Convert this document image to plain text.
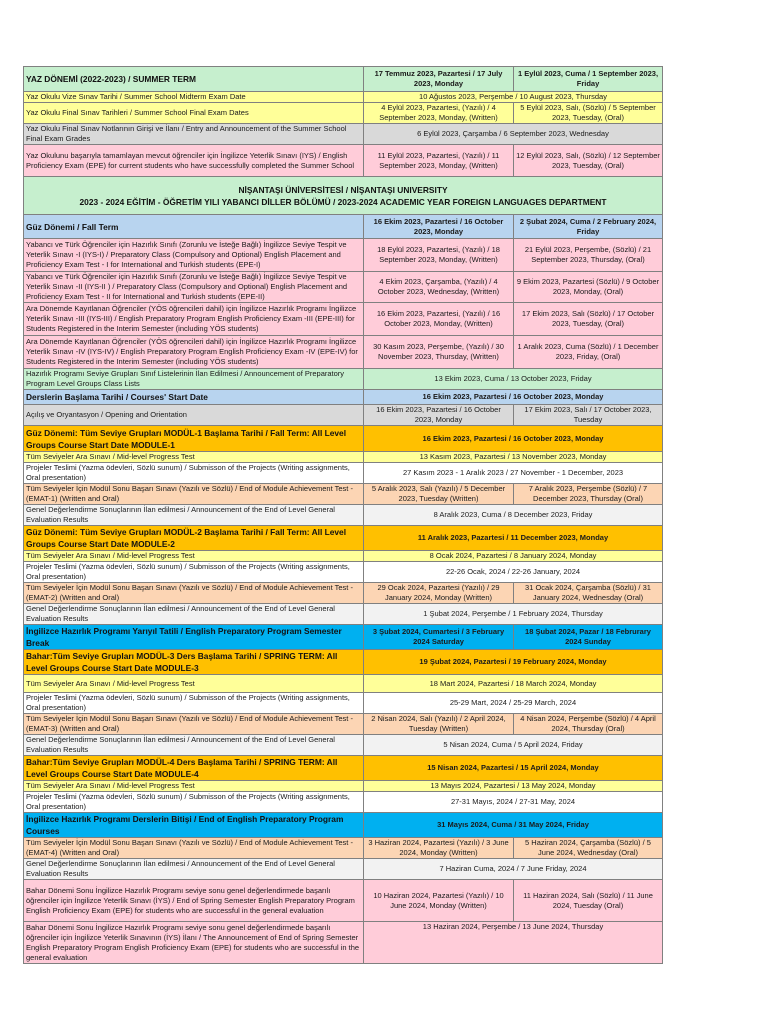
YAZ DÖNEMİ (2022-2023) / SUMMER TERM	17 Temmuz 2023, Pazartesi / 17 July 2023, Monday	1 Eylül 2023, Cuma / 1 September 2023, Friday
Yaz Okulu Vize Sınav Tarihi / Summer School Midterm Exam Date	10 Ağustos 2023, Perşembe / 10 August 2023, Thursday	
Yaz Okulu Final Sınav Tarihleri / Summer School Final Exam Dates	4 Eylül 2023, Pazartesi, (Yazılı) / 4 September 2023, Monday, (Written)	5 Eylül 2023, Salı, (Sözlü) / 5 September 2023, Tuesday, (Oral)
Yaz Okulu Final Sınav Notlarının Girişi ve İlanı / Entry and Announcement of the Summer School Final Exam Grades	6 Eylül 2023, Çarşamba / 6 September 2023, Wednesday	
Yaz Okulunu başarıyla tamamlayan mevcut öğrenciler için İngilizce Yeterlik Sınavı (IYS) / English Proficiency Exam (EPE) for current students who have successfully completed the Summer School	11 Eylül 2023, Pazartesi, (Yazılı) / 11 September 2023, Monday, (Written)	12 Eylül 2023, Salı, (Sözlü) / 12 September 2023, Tuesday, (Oral)

NİŞANTAŞI ÜNİVERSİTESİ / NİŞANTAŞI UNIVERSITY
2023 - 2024 EĞİTİM - ÖĞRETİM YILI YABANCI DİLLER BÖLÜMÜ / 2023-2024 ACADEMIC YEAR FOREIGN LANGUAGES DEPARTMENT		

Güz Dönemi / Fall Term	16 Ekim 2023, Pazartesi / 16 October 2023, Monday	2 Şubat 2024, Cuma / 2 February 2024, Friday
Yabancı ve Türk Öğrenciler için Hazırlık Sınıfı (Zorunlu ve İsteğe Bağlı) İngilizce Seviye Tespit ve Yeterlik Sınavı -I (IYS-I) / Preparatory Class (Compulsory and Optional) English Placement and Proficiency Exam Test - I for International and Turkish students (EPE-I)	18 Eylül 2023, Pazartesi, (Yazılı) / 18 September 2023, Monday, (Written)	21 Eylül 2023, Perşembe, (Sözlü) / 21 September 2023, Thursday, (Oral)
Yabancı ve Türk Öğrenciler için Hazırlık Sınıfı (Zorunlu ve İsteğe Bağlı) İngilizce Seviye Tespit ve Yeterlik Sınavı -II (IYS-II ) / Preparatory Class (Compulsory and Optional) English Placement and Proficiency Exam Test - II for International and Turkish students (EPE-II)	4 Ekim 2023, Çarşamba, (Yazılı) / 4 October 2023, Wednesday, (Written)	9 Ekim 2023, Pazartesi (Sözlü) / 9 October 2023, Monday, (Oral)
Ara Dönemde Kayıtlanan Öğrenciler (YÖS öğrencileri dahil) için İngilizce Hazırlık Programı İngilizce Yeterlik Sınavı -III (IYS-III) / English Preparatory Program English Proficiency Exam -III (EPE-III) for Students Registered in the Interim Semester (including YÖS students)	16 Ekim 2023, Pazartesi, (Yazılı) / 16 October 2023, Monday, (Written)	17 Ekim 2023, Salı (Sözlü) / 17 October 2023, Tuesday, (Oral)
Ara Dönemde Kayıtlanan Öğrenciler (YÖS öğrencileri dahil) için İngilizce Hazırlık Programı İngilizce Yeterlik Sınavı -IV (IYS-IV) / English Preparatory Program English Proficiency Exam -IV (EPE-IV) for Students Registered in the Interim Semester (including YÖS students)	30 Kasım 2023, Perşembe, (Yazılı) / 30 November 2023, Thursday, (Written)	1 Aralık 2023, Cuma (Sözlü) / 1 December 2023, Friday, (Oral)
Hazırlık Programı Seviye Grupları Sınıf Listelerinin İlan Edilmesi / Announcement of Preparatory Program Level Groups Class Lists	13 Ekim 2023, Cuma / 13 October 2023, Friday	
Derslerin Başlama Tarihi / Courses' Start Date	16 Ekim 2023, Pazartesi / 16 October 2023, Monday	
Açılış ve Oryantasyon / Opening and Orientation	16 Ekim 2023, Pazartesi / 16 October 2023, Monday	17 Ekim 2023, Salı / 17 October 2023, Tuesday
Güz Dönemi: Tüm Seviye Grupları MODÜL-1 Başlama Tarihi / Fall Term: All Level Groups Course Start Date MODULE-1	16 Ekim 2023, Pazartesi / 16 October 2023, Monday	
Tüm Seviyeler Ara Sınavı / Mid-level Progress Test	13 Kasım 2023, Pazartesi / 13 November 2023, Monday	
Projeler Teslimi (Yazma ödevleri, Sözlü sunum) / Submisson of the Projects (Writing assignments, Oral presentation)	27 Kasım 2023 - 1 Aralık 2023 / 27 November - 1 December, 2023	
Tüm Seviyeler İçin Modül Sonu Başarı Sınavı (Yazılı ve Sözlü) / End of Module Achievement Test - (EMAT-1) (Written and Oral)	5 Aralık 2023, Salı (Yazılı) / 5 December 2023, Tuesday (Written)	7 Aralık 2023, Perşembe (Sözlü) / 7 December 2023, Thursday (Oral)
Genel Değerlendirme Sonuçlarının İlan edilmesi / Announcement of the End of Level General Evaluation Results	8 Aralık 2023, Cuma / 8 December 2023, Friday	
Güz Dönemi: Tüm Seviye Grupları MODÜL-2 Başlama Tarihi / Fall Term: All Level Groups Course Start Date MODULE-2	11 Aralık 2023, Pazartesi / 11 December 2023, Monday	
Tüm Seviyeler Ara Sınavı / Mid-level Progress Test	8 Ocak 2024, Pazartesi / 8 January 2024, Monday	
Projeler Teslimi (Yazma ödevleri, Sözlü sunum) / Submisson of the Projects (Writing assignments, Oral presentation)	22-26 Ocak, 2024 / 22-26 January, 2024	
Tüm Seviyeler İçin Modül Sonu Başarı Sınavı (Yazılı ve Sözlü) / End of Module Achievement Test - (EMAT-2) (Written and Oral)	29 Ocak 2024, Pazartesi (Yazılı) / 29 January 2024, Monday (Written)	31 Ocak 2024, Çarşamba (Sözlü) / 31 January 2024, Wednesday (Oral)
Genel Değerlendirme Sonuçlarının İlan edilmesi / Announcement of the End of Level General Evaluation Results	1 Şubat 2024, Perşembe / 1 February 2024, Thursday	
İngilizce Hazırlık Programı Yarıyıl Tatili / English Preparatory Program Semester Break	3 Şubat 2024, Cumartesi / 3 February 2024 Saturday	18 Şubat 2024, Pazar / 18 Februrary 2024 Sunday
Bahar:Tüm Seviye Grupları MODÜL-3 Ders Başlama Tarihi / SPRING TERM: All Level Groups Course Start Date MODULE-3	19 Şubat 2024, Pazartesi / 19 February 2024, Monday	
Tüm Seviyeler Ara Sınavı / Mid-level Progress Test	18 Mart 2024, Pazartesi / 18 March 2024, Monday	
Projeler Teslimi (Yazma ödevleri, Sözlü sunum) / Submisson of the Projects (Writing assignments, Oral presentation)	25-29 Mart, 2024 / 25-29 March, 2024	
Tüm Seviyeler İçin Modül Sonu Başarı Sınavı (Yazılı ve Sözlü) / End of Module Achievement Test - (EMAT-3) (Written and Oral)	2 Nisan 2024, Salı (Yazılı) / 2 April 2024, Tuesday (Written)	4 Nisan 2024, Perşembe (Sözlü) / 4 April 2024, Thursday (Oral)
Genel Değerlendirme Sonuçlarının İlan edilmesi / Announcement of the End of Level General Evaluation Results	5 Nisan 2024, Cuma / 5 April 2024, Friday	
Bahar:Tüm Seviye Grupları MODÜL-4 Ders Başlama Tarihi / SPRING TERM: All Level Groups Course Start Date MODULE-4	15 Nisan 2024, Pazartesi / 15 April 2024, Monday	
Tüm Seviyeler Ara Sınavı / Mid-level Progress Test	13 Mayıs 2024, Pazartesi / 13 May 2024, Monday	
Projeler Teslimi (Yazma ödevleri, Sözlü sunum) / Submisson of the Projects (Writing assignments, Oral presentation)	27-31 Mayıs, 2024 / 27-31 May, 2024	
İngilizce Hazırlık Programı Derslerin Bitişi / End of English Preparatory Program Courses	31 Mayıs 2024, Cuma / 31 May 2024, Friday	
Tüm Seviyeler İçin Modül Sonu Başarı Sınavı (Yazılı ve Sözlü) / End of Module Achievement Test - (EMAT-4) (Written and Oral)	3 Haziran 2024, Pazartesi (Yazılı) / 3 June 2024, Monday (Written)	5 Haziran 2024, Çarşamba (Sözlü) / 5 June 2024, Wednesday (Oral)
Genel Değerlendirme Sonuçlarının İlan edilmesi / Announcement of the End of Level General Evaluation Results	7 Haziran Cuma, 2024 / 7 June Friday, 2024	
Bahar Dönemi Sonu İngilizce Hazırlık Programı seviye sonu genel değerlendirmede başarılı öğrenciler için İngilizce Yeterlik Sınavı (İYS) / End of Spring Semester English Preparatory Program English Proficiency Exam (EPE) for students who are successful in the general evaluation	10 Haziran 2024, Pazartesi (Yazılı) / 10 June 2024, Monday (Written)	11 Haziran 2024, Salı (Sözlü) / 11 June 2024, Tuesday (Oral)
Bahar Dönemi Sonu İngilizce Hazırlık Programı seviye sonu genel değerlendirmede başarılı öğrenciler için İngilizce Yeterlik Sınavının (İYS) İlanı / The Announcement of End of Spring Semester English Preparatory Program English Proficiency Exam (EPE) for students who are successful in the general evaluation	13 Haziran 2024, Perşembe / 13 June 2024, Thursday	
